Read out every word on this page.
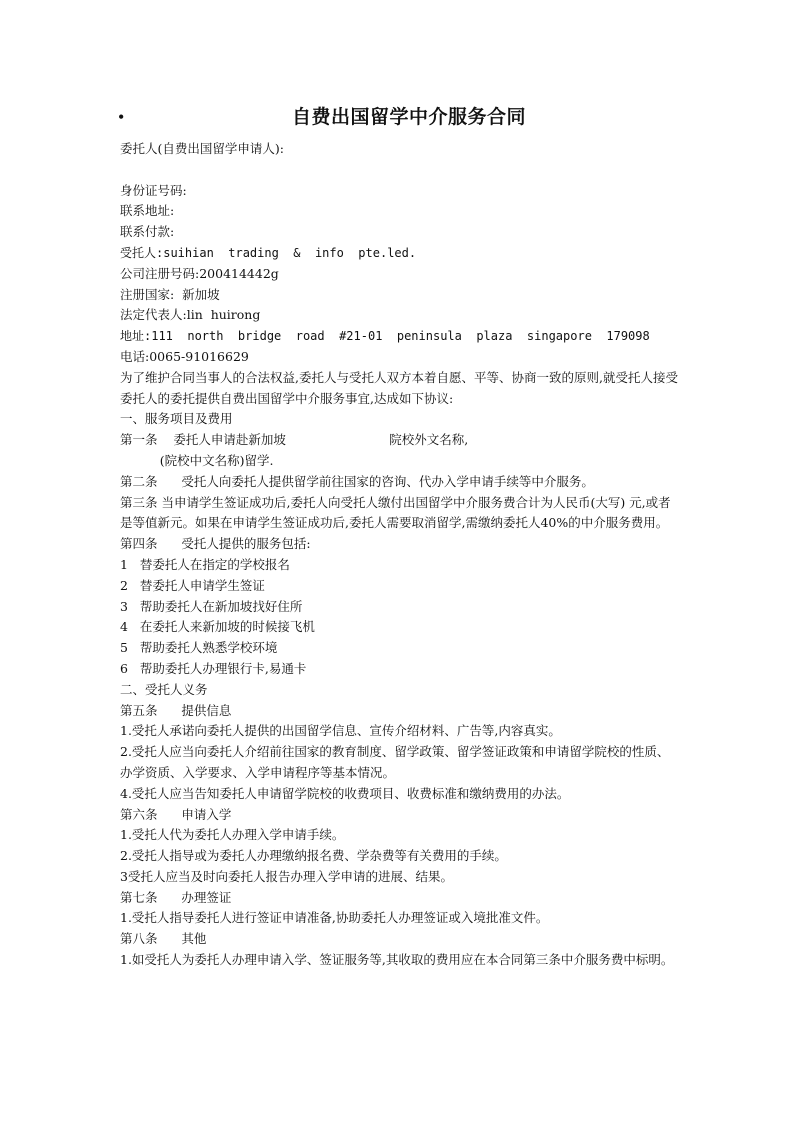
•	自费出国留学中介服务合同
委托人(自费出国留学申请人):
身份证号码:
联系地址:
联系付款:
受托人:suihian  trading  &  info  pte.led.
公司注册号码:200414442g
注册国家:  新加坡
法定代表人:lin  huirong
地址:111  north  bridge  road  #21-01  peninsula  plaza  singapore  179098
电话:0065-91016629
为了维护合同当事人的合法权益,委托人与受托人双方本着自愿、平等、协商一致的原则,就受托人接受委托人的委托提供自费出国留学中介服务事宜,达成如下协议:
一、服务项目及费用
第一条    委托人申请赴新加坡                          院校外文名称,
(院校中文名称)留学.
第二条      受托人向委托人提供留学前往国家的咨询、代办入学申请手续等中介服务。
第三条 当申请学生签证成功后,委托人向受托人缴付出国留学中介服务费合计为人民币(大写) 元,或者是等值新元。如果在申请学生签证成功后,委托人需要取消留学,需缴纳委托人40%的中介服务费用。
第四条      受托人提供的服务包括:
1   替委托人在指定的学校报名
2   替委托人申请学生签证
3   帮助委托人在新加坡找好住所
4   在委托人来新加坡的时候接飞机
5   帮助委托人熟悉学校环境
6   帮助委托人办理银行卡,易通卡
二、受托人义务
第五条      提供信息
1.受托人承诺向委托人提供的出国留学信息、宣传介绍材料、广告等,内容真实。
2.受托人应当向委托人介绍前往国家的教育制度、留学政策、留学签证政策和申请留学院校的性质、办学资质、入学要求、入学申请程序等基本情况。
4.受托人应当告知委托人申请留学院校的收费项目、收费标准和缴纳费用的办法。
第六条      申请入学
1.受托人代为委托人办理入学申请手续。
2.受托人指导或为委托人办理缴纳报名费、学杂费等有关费用的手续。
3受托人应当及时向委托人报告办理入学申请的进展、结果。
第七条      办理签证
1.受托人指导委托人进行签证申请准备,协助委托人办理签证或入境批准文件。
第八条      其他
1.如受托人为委托人办理申请入学、签证服务等,其收取的费用应在本合同第三条中介服务费中标明。
